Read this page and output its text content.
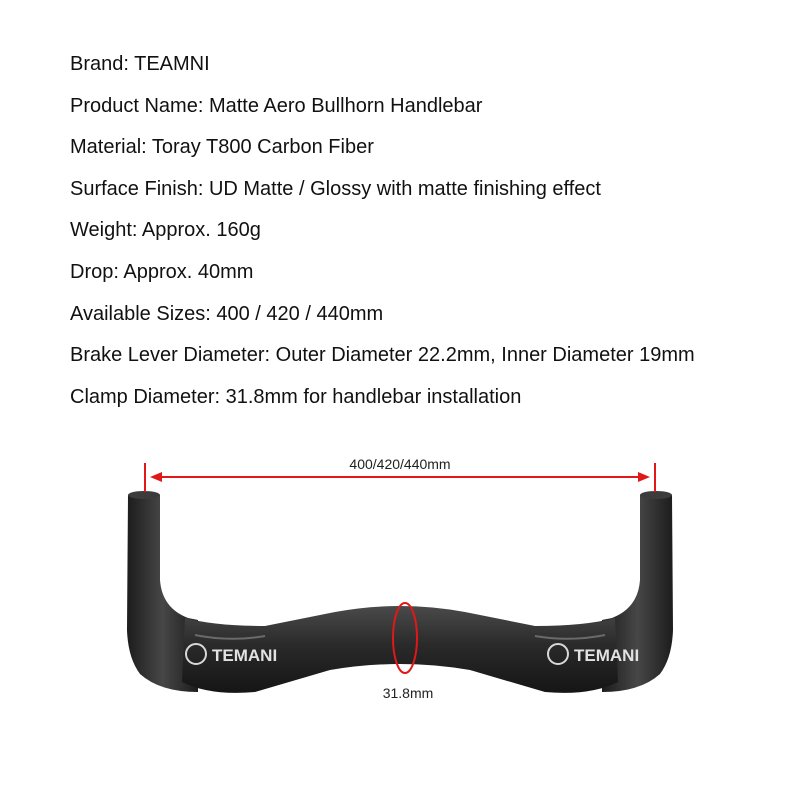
Brand: TEAMNI
Product Name: Matte Aero Bullhorn Handlebar
Material: Toray T800 Carbon Fiber
Surface Finish: UD Matte / Glossy with matte finishing effect
Weight: Approx. 160g
Drop: Approx. 40mm
Available Sizes: 400 / 420 / 440mm
Brake Lever Diameter: Outer Diameter 22.2mm, Inner Diameter 19mm
Clamp Diameter: 31.8mm for handlebar installation
TEMANI	TEMANI
400/420/440mm
31.8mm
